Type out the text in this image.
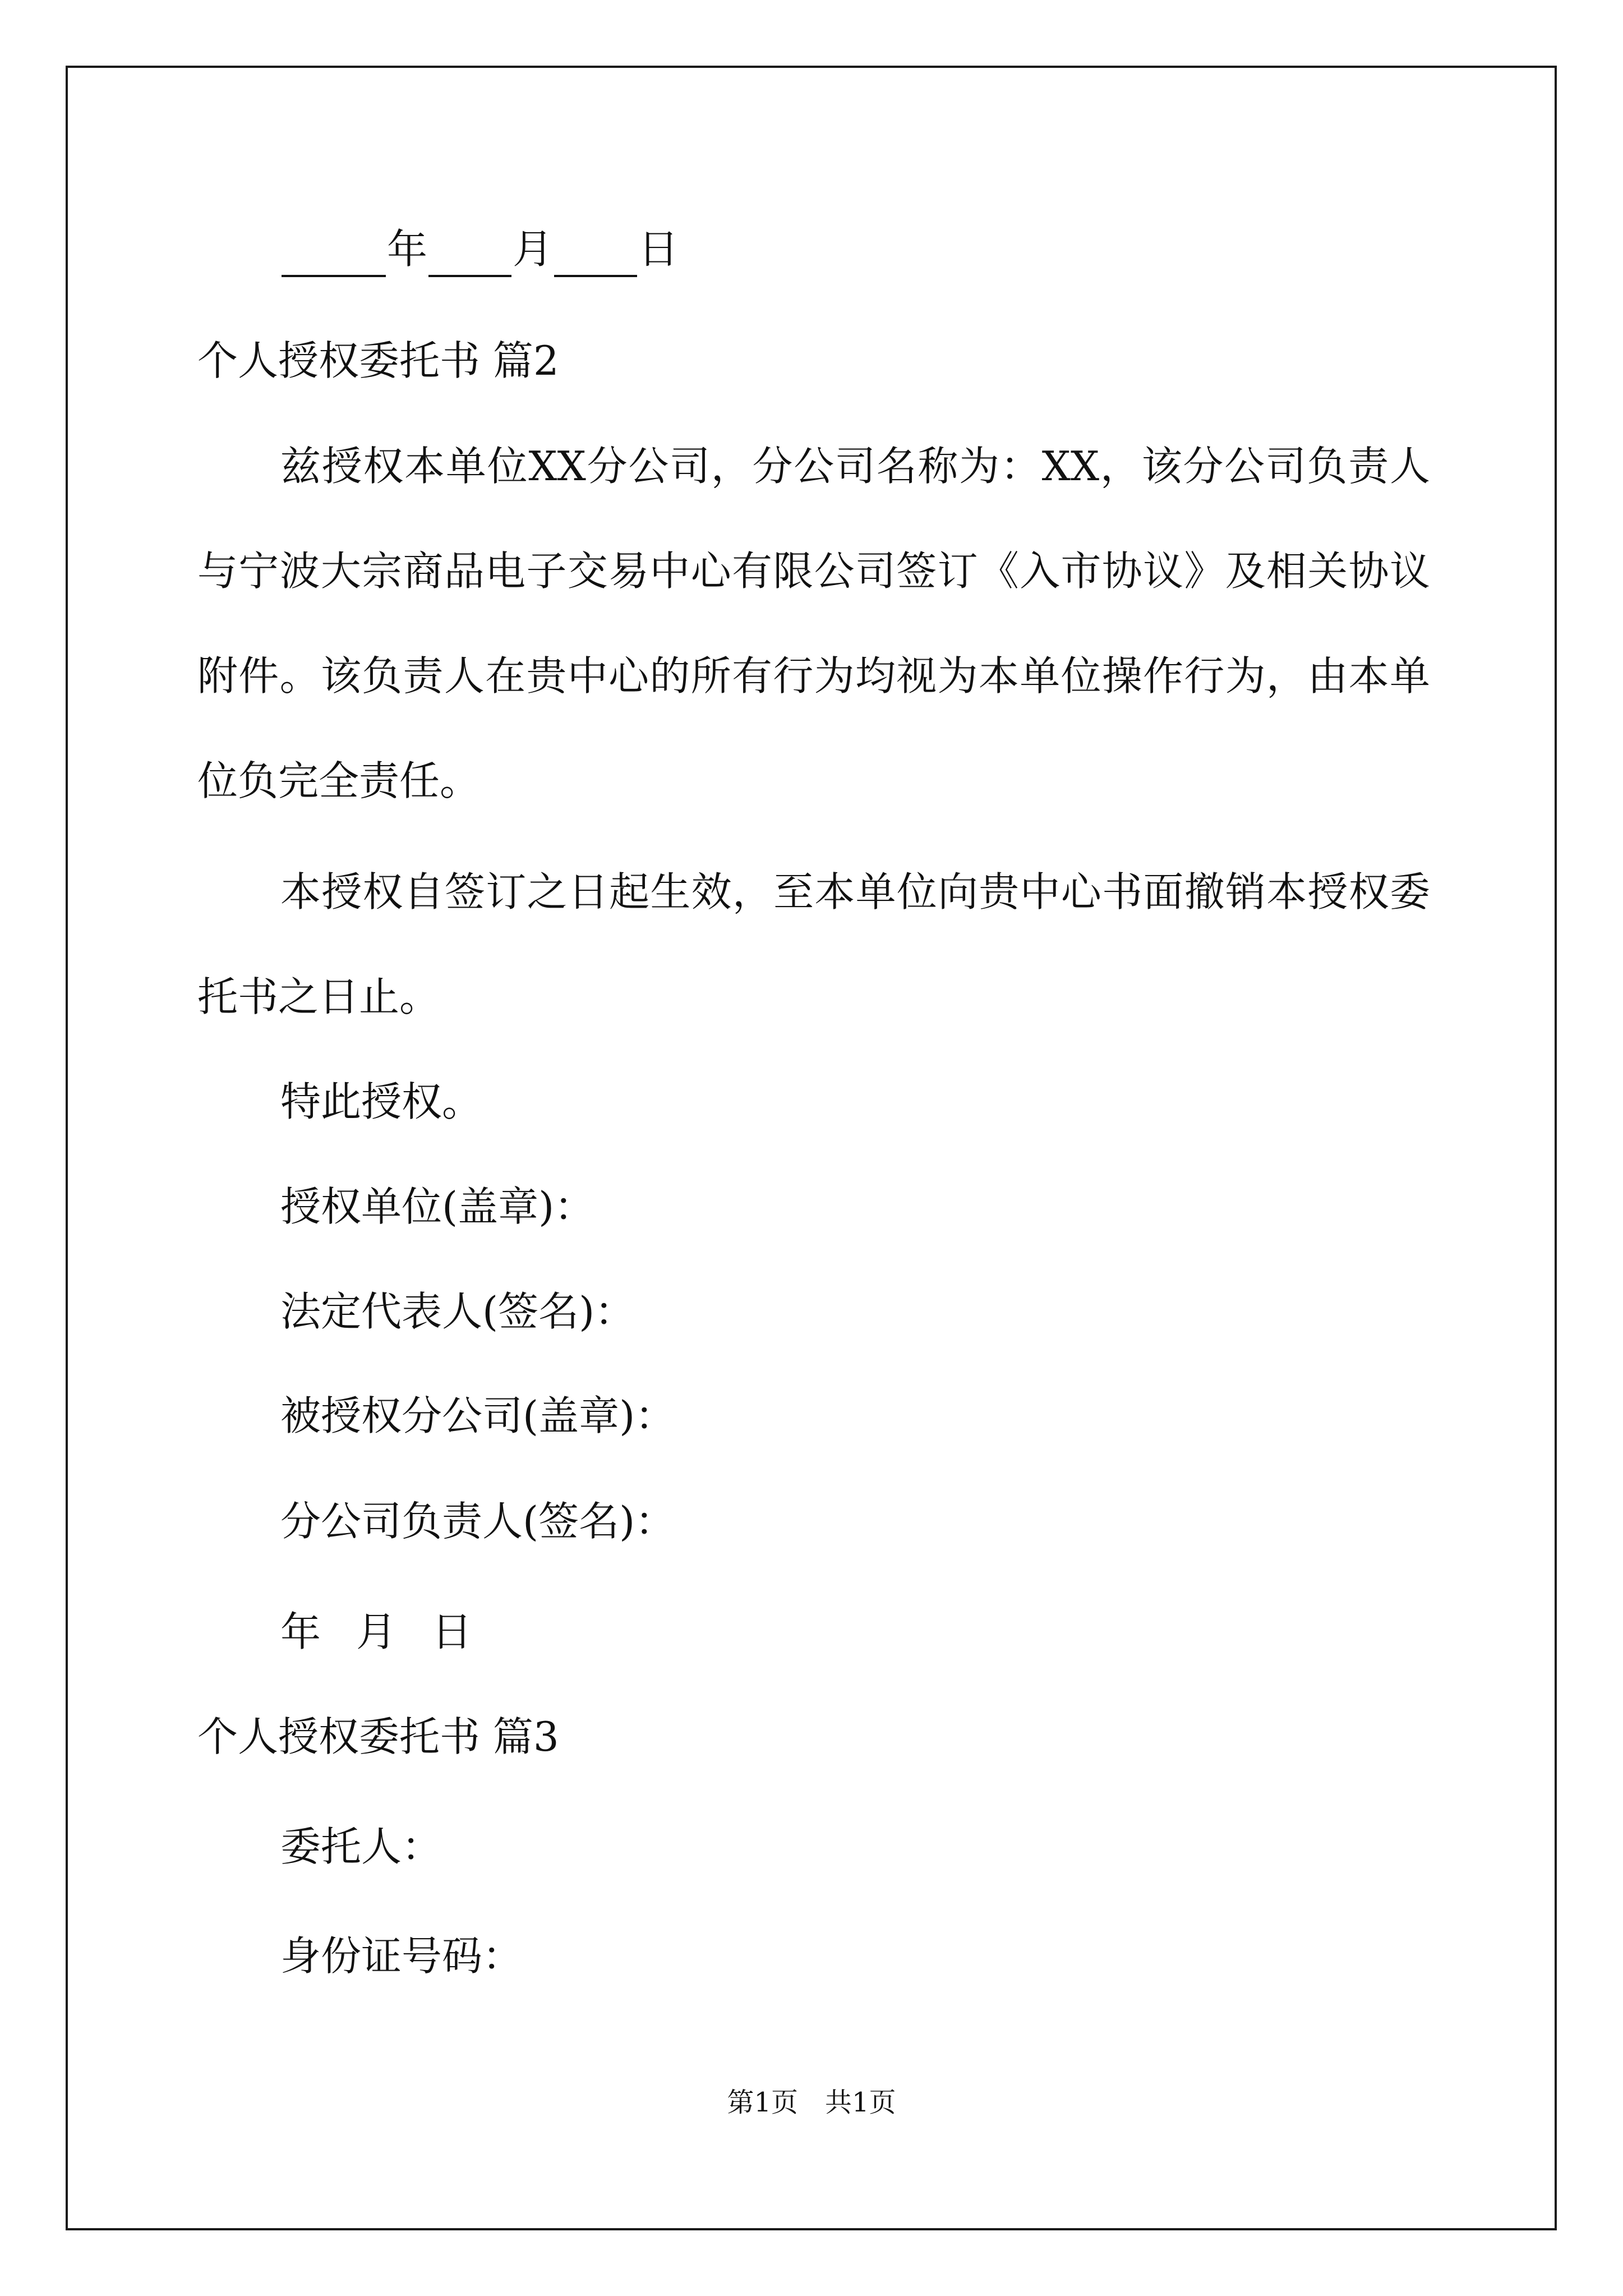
年 月 日

个人授权委托书 篇2

兹授权本单位XX分公司，分公司名称为：XX，该分公司负责人

与宁波大宗商品电子交易中心有限公司签订《入市协议》及相关协议

附件。该负责人在贵中心的所有行为均视为本单位操作行为，由本单

位负完全责任。

本授权自签订之日起生效，至本单位向贵中心书面撤销本授权委

托书之日止。

特此授权。

授权单位(盖章)：

法定代表人(签名)：

被授权分公司(盖章)：

分公司负责人(签名)：

年 月 日

个人授权委托书 篇3

委托人：

身份证号码：

第1页　共1页
